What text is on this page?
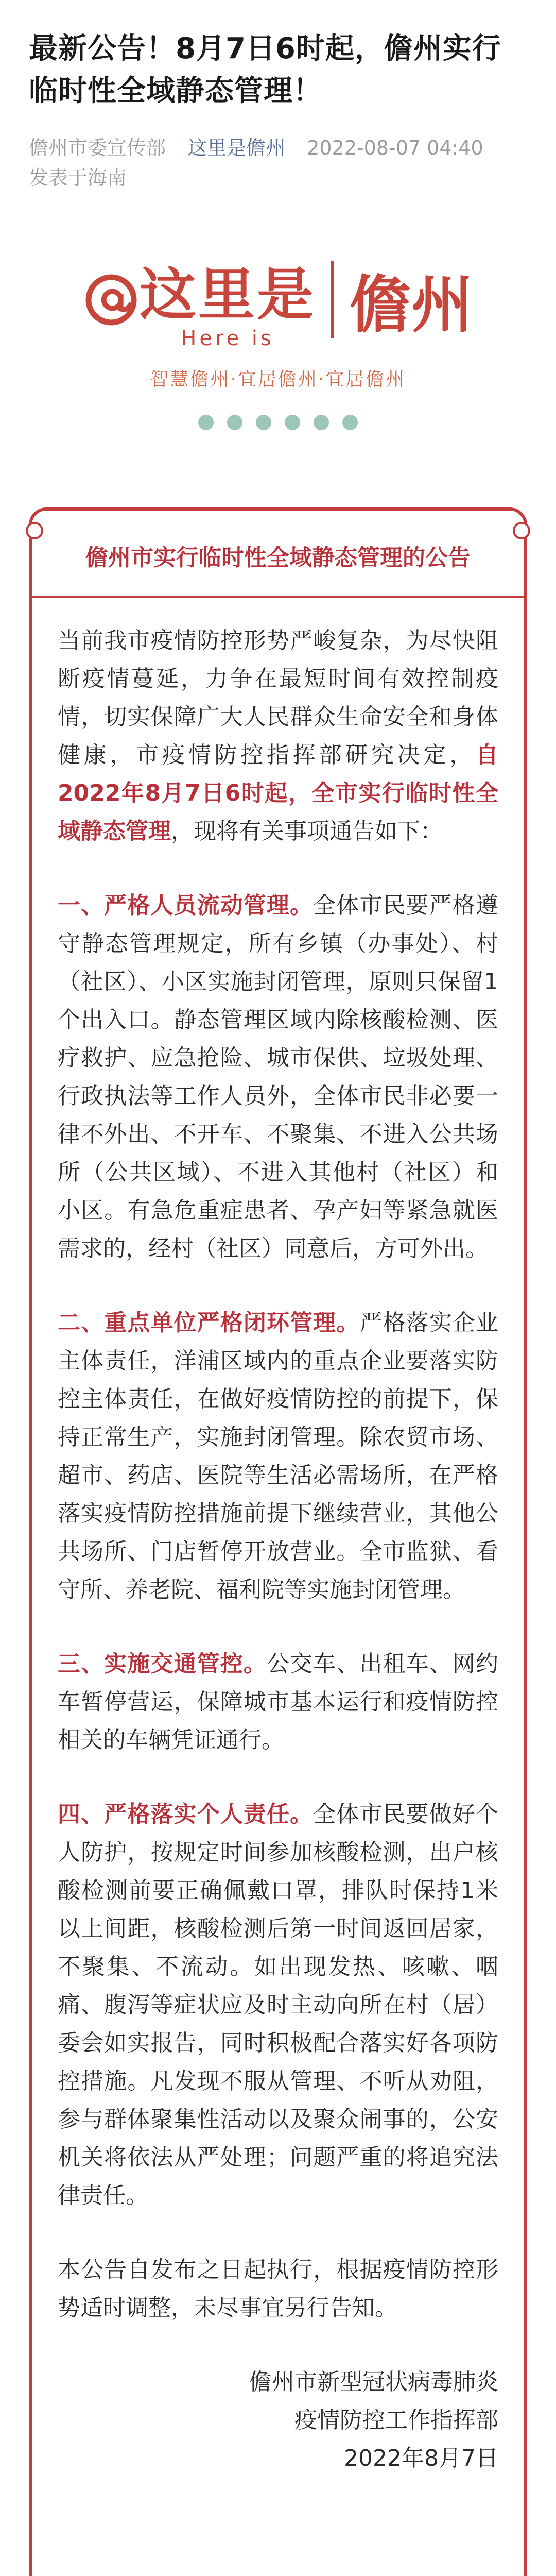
最新公告！8月7日6时起，儋州实行临时性全域静态管理！
儋州市委宣传部 这里是儋州 2022-08-07 04:40
发表于海南
这里是
Here is	儋州
智慧儋州·宜居儋州·宜居儋州
儋州市实行临时性全域静态管理的公告

当前我市疫情防控形势严峻复杂，为尽快阻断疫情蔓延，力争在最短时间有效控制疫情，切实保障广大人民群众生命安全和身体健康，市疫情防控指挥部研究决定，自2022年8月7日6时起，全市实行临时性全域静态管理，现将有关事项通告如下：

一、严格人员流动管理。全体市民要严格遵守静态管理规定，所有乡镇（办事处）、村（社区）、小区实施封闭管理，原则只保留1个出入口。静态管理区域内除核酸检测、医疗救护、应急抢险、城市保供、垃圾处理、行政执法等工作人员外，全体市民非必要一律不外出、不开车、不聚集、不进入公共场所（公共区域）、不进入其他村（社区）和小区。有急危重症患者、孕产妇等紧急就医需求的，经村（社区）同意后，方可外出。

二、重点单位严格闭环管理。严格落实企业主体责任，洋浦区域内的重点企业要落实防控主体责任，在做好疫情防控的前提下，保持正常生产，实施封闭管理。除农贸市场、超市、药店、医院等生活必需场所，在严格落实疫情防控措施前提下继续营业，其他公共场所、门店暂停开放营业。全市监狱、看守所、养老院、福利院等实施封闭管理。

三、实施交通管控。公交车、出租车、网约车暂停营运，保障城市基本运行和疫情防控相关的车辆凭证通行。

四、严格落实个人责任。全体市民要做好个人防护，按规定时间参加核酸检测，出户核酸检测前要正确佩戴口罩，排队时保持1米以上间距，核酸检测后第一时间返回居家，不聚集、不流动。如出现发热、咳嗽、咽痛、腹泻等症状应及时主动向所在村（居）委会如实报告，同时积极配合落实好各项防控措施。凡发现不服从管理、不听从劝阻，参与群体聚集性活动以及聚众闹事的，公安机关将依法从严处理；问题严重的将追究法律责任。

本公告自发布之日起执行，根据疫情防控形势适时调整，未尽事宜另行告知。

儋州市新型冠状病毒肺炎
疫情防控工作指挥部
2022年8月7日
